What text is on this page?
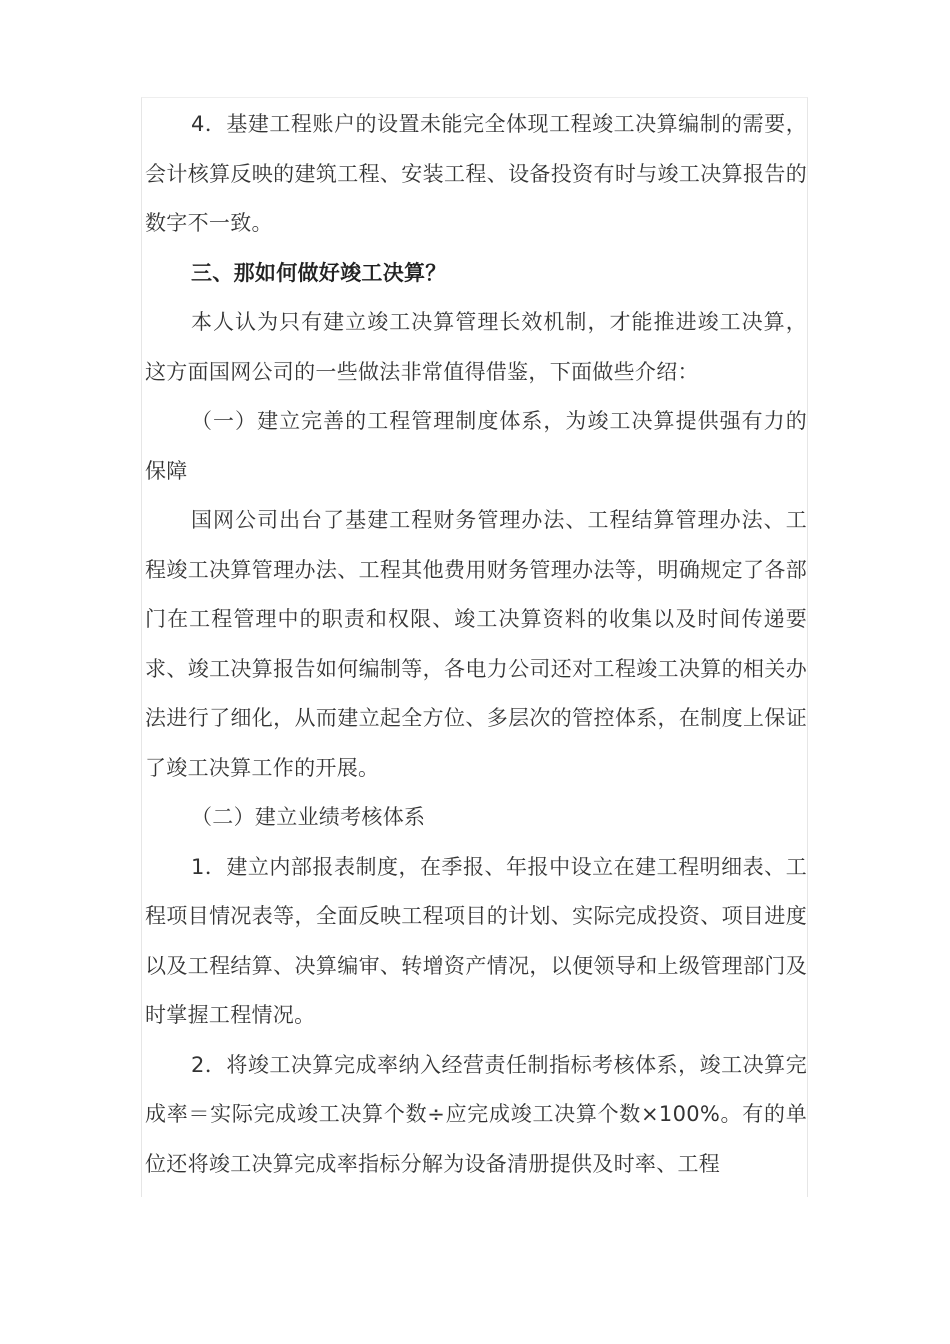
4．基建工程账户的设置未能完全体现工程竣工决算编制的需要，会计核算反映的建筑工程、安装工程、设备投资有时与竣工决算报告的数字不一致。

三、那如何做好竣工决算？

本人认为只有建立竣工决算管理长效机制，才能推进竣工决算，这方面国网公司的一些做法非常值得借鉴，下面做些介绍：

（一）建立完善的工程管理制度体系，为竣工决算提供强有力的保障

国网公司出台了基建工程财务管理办法、工程结算管理办法、工程竣工决算管理办法、工程其他费用财务管理办法等，明确规定了各部门在工程管理中的职责和权限、竣工决算资料的收集以及时间传递要求、竣工决算报告如何编制等，各电力公司还对工程竣工决算的相关办法进行了细化，从而建立起全方位、多层次的管控体系，在制度上保证了竣工决算工作的开展。

（二）建立业绩考核体系

1．建立内部报表制度，在季报、年报中设立在建工程明细表、工程项目情况表等，全面反映工程项目的计划、实际完成投资、项目进度以及工程结算、决算编审、转增资产情况，以便领导和上级管理部门及时掌握工程情况。

2．将竣工决算完成率纳入经营责任制指标考核体系，竣工决算完成率＝实际完成竣工决算个数÷应完成竣工决算个数×100%。有的单位还将竣工决算完成率指标分解为设备清册提供及时率、工程
